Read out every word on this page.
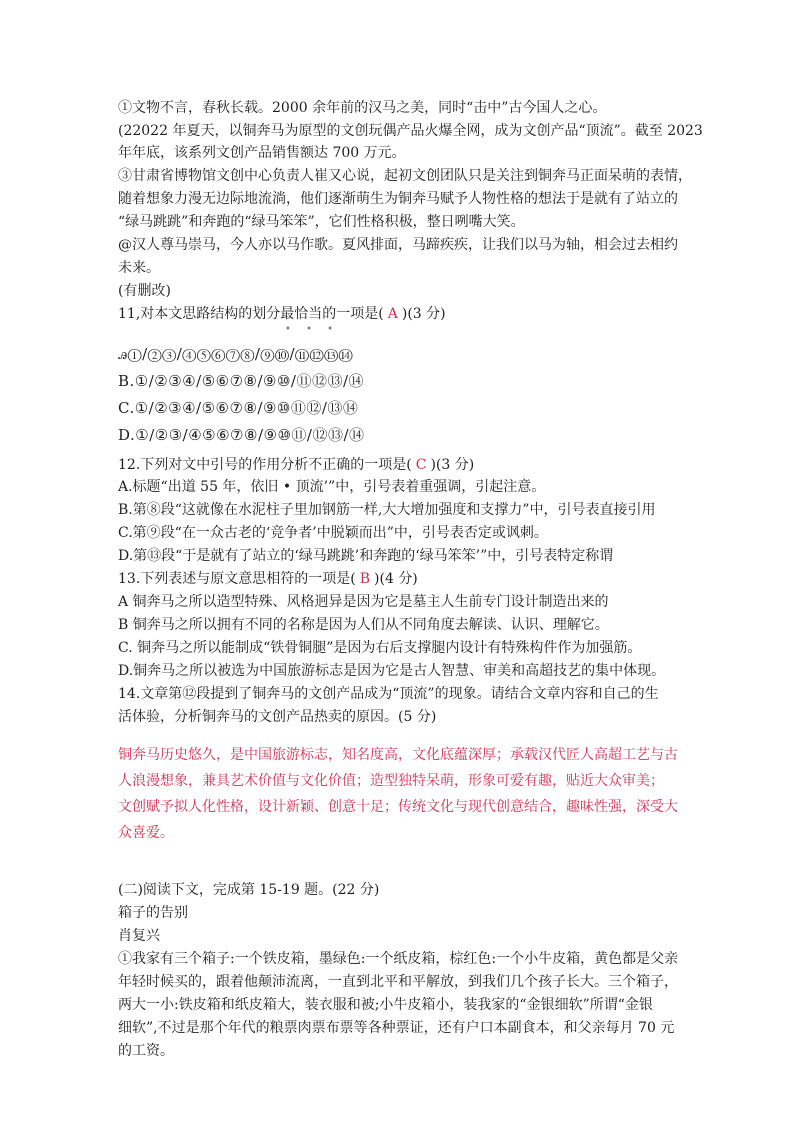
①文物不言，春秋长载。2000 余年前的汉马之美，同时“击中”古今国人之心。

(22022 年夏天，以铜奔马为原型的文创玩偶产品火爆全网，成为文创产品“顶流”。截至 2023

年年底，该系列文创产品销售额达 700 万元。

③甘肃省博物馆文创中心负责人崔又心说，起初文创团队只是关注到铜奔马正面呆萌的表情，

随着想象力漫无边际地流淌，他们逐渐萌生为铜奔马赋予人物性格的想法于是就有了站立的

“绿马跳跳”和奔跑的“绿马笨笨”，它们性格积极，整日咧嘴大笑。

@汉人尊马崇马，今人亦以马作歌。夏风排面，马蹄疾疾，让我们以马为轴，相会过去相约

未来。

(有删改)

11,对本文思路结构的划分最恰当的一项是( A )(3 分)

• • •

ꭿ①/②③/④⑤⑥⑦⑧/⑨⑩/⑪⑫⑬⑭

B.①/②③④/⑤⑥⑦⑧/⑨⑩/⑪⑫⑬/⑭

C.①/②③④/⑤⑥⑦⑧/⑨⑩⑪⑫/⑬⑭

D.①/②③/④⑤⑥⑦⑧/⑨⑩⑪/⑫⑬/⑭

12.下列对文中引号的作用分析不正确的一项是( C )(3 分)

A.标题“出道 55 年，依旧 • 顶流’”中，引号表着重强调，引起注意。

B.第⑧段“这就像在水泥柱子里加钢筋一样,大大增加强度和支撑力”中，引号表直接引用

C.第⑨段“在一众古老的‘竞争者’中脱颖而出”中，引号表否定或讽刺。

D.第⑬段“于是就有了站立的‘绿马跳跳’和奔跑的‘绿马笨笨’”中，引号表特定称谓

13.下列表述与原文意思相符的一项是( B )(4 分)

A 铜奔马之所以造型特殊、风格迥异是因为它是墓主人生前专门设计制造出来的

B 铜奔马之所以拥有不同的名称是因为人们从不同角度去解读、认识、理解它。

C. 铜奔马之所以能制成“铁骨铜腿”是因为右后支撑腿内设计有特殊构件作为加强筋。

D.铜奔马之所以被选为中国旅游标志是因为它是古人智慧、审美和高超技艺的集中体现。

14.文章第⑫段提到了铜奔马的文创产品成为“顶流”的现象。请结合文章内容和自己的生

活体验，分析铜奔马的文创产品热卖的原因。(5 分)

铜奔马历史悠久，是中国旅游标志，知名度高，文化底蕴深厚；承载汉代匠人高超工艺与古

人浪漫想象，兼具艺术价值与文化价值；造型独特呆萌，形象可爱有趣，贴近大众审美；

文创赋予拟人化性格，设计新颖、创意十足；传统文化与现代创意结合，趣味性强，深受大

众喜爱。

(二)阅读下文，完成第 15-19 题。(22 分)

箱子的告别

肖复兴

①我家有三个箱子:一个铁皮箱，墨绿色:一个纸皮箱，棕红色:一个小牛皮箱，黄色都是父亲

年轻时候买的，跟着他颠沛流离，一直到北平和平解放，到我们几个孩子长大。三个箱子，

两大一小:铁皮箱和纸皮箱大，装衣服和被;小牛皮箱小，装我家的“金银细软”所谓“金银

细软”,不过是那个年代的粮票肉票布票等各种票证，还有户口本副食本，和父亲每月 70 元

的工资。
